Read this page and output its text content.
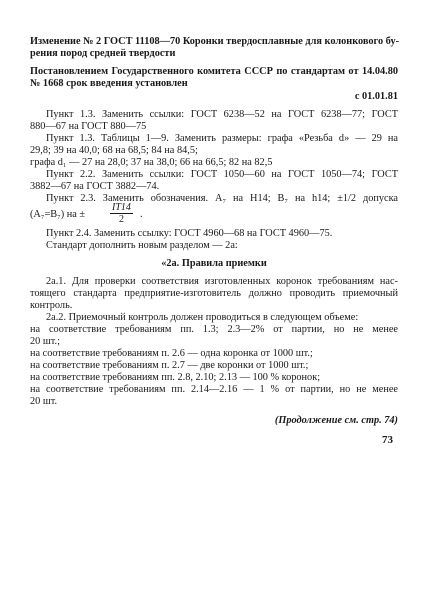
Изменение № 2 ГОСТ 11108—70 Коронки твердосплавные для колонкового бу-
рения пород средней твердости
Постановлением Государственного комитета СССР по стандартам от 14.04.80
№ 1668 срок введения установлен
с 01.01.81
Пункт 1.3. Заменить ссылки: ГОСТ 6238—52 на ГОСТ 6238—77; ГОСТ
880—67 на ГОСТ 880—75
Пункт 1.3. Таблицы 1—9. Заменить размеры: графа «Резьба d» — 29 на
29,8; 39 на 40,0; 68 на 68,5; 84 на 84,5;
графа d₁ — 27 на 28,0; 37 на 38,0; 66 на 66,5; 82 на 82,5
Пункт 2.2. Заменить ссылки: ГОСТ 1050—60 на ГОСТ 1050—74; ГОСТ
3882—67 на ГОСТ 3882—74.
Пункт 2.3. Заменить обозначения. A₇ на H14; B₇ на h14; ±1/2 допуска
(A₇=B₇) на ± $\frac{IT14}{2}$ .
Пункт 2.4. Заменить ссылку: ГОСТ 4960—68 на ГОСТ 4960—75.
Стандарт дополнить новым разделом — 2а:
«2а. Правила приемки
2а.1. Для проверки соответствия изготовленных коронок требованиям нас-
тоящего стандарта предприятие-изготовитель должно проводить приемочный
контроль.
2а.2. Приемочный контроль должен проводиться в следующем объеме:
на соответствие требованиям пп. 1.3; 2.3—2% от партии, но не менее
20 шт.;
на соответствие требованиям п. 2.6 — одна коронка от 1000 шт.;
на соответствие требованиям п. 2.7 — две коронки от 1000 шт.;
на соответствие требованиям пп. 2.8, 2.10; 2.13 — 100 % коронок;
на соответствие требованиям пп. 2.14—2.16 — 1 % от партии, но не менее
20 шт.
(Продолжение см. стр. 74)
73
